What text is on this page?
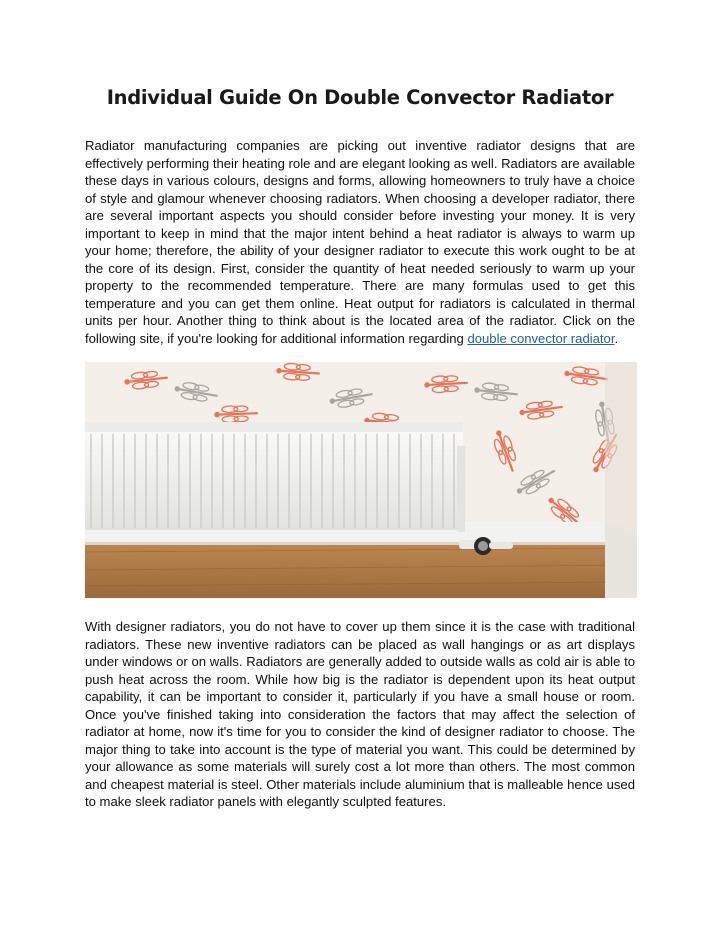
Individual Guide On Double Convector Radiator

Radiator manufacturing companies are picking out inventive radiator designs that are effectively performing their heating role and are elegant looking as well. Radiators are available these days in various colours, designs and forms, allowing homeowners to truly have a choice of style and glamour whenever choosing radiators. When choosing a developer radiator, there are several important aspects you should consider before investing your money. It is very important to keep in mind that the major intent behind a heat radiator is always to warm up your home; therefore, the ability of your designer radiator to execute this work ought to be at the core of its design. First, consider the quantity of heat needed seriously to warm up your property to the recommended temperature. There are many formulas used to get this temperature and you can get them online. Heat output for radiators is calculated in thermal units per hour. Another thing to think about is the located area of the radiator. Click on the following site, if you're looking for additional information regarding double convector radiator.

With designer radiators, you do not have to cover up them since it is the case with traditional radiators. These new inventive radiators can be placed as wall hangings or as art displays under windows or on walls. Radiators are generally added to outside walls as cold air is able to push heat across the room. While how big is the radiator is dependent upon its heat output capability, it can be important to consider it, particularly if you have a small house or room. Once you've finished taking into consideration the factors that may affect the selection of radiator at home, now it's time for you to consider the kind of designer radiator to choose. The major thing to take into account is the type of material you want. This could be determined by your allowance as some materials will surely cost a lot more than others. The most common and cheapest material is steel. Other materials include aluminium that is malleable hence used to make sleek radiator panels with elegantly sculpted features.
